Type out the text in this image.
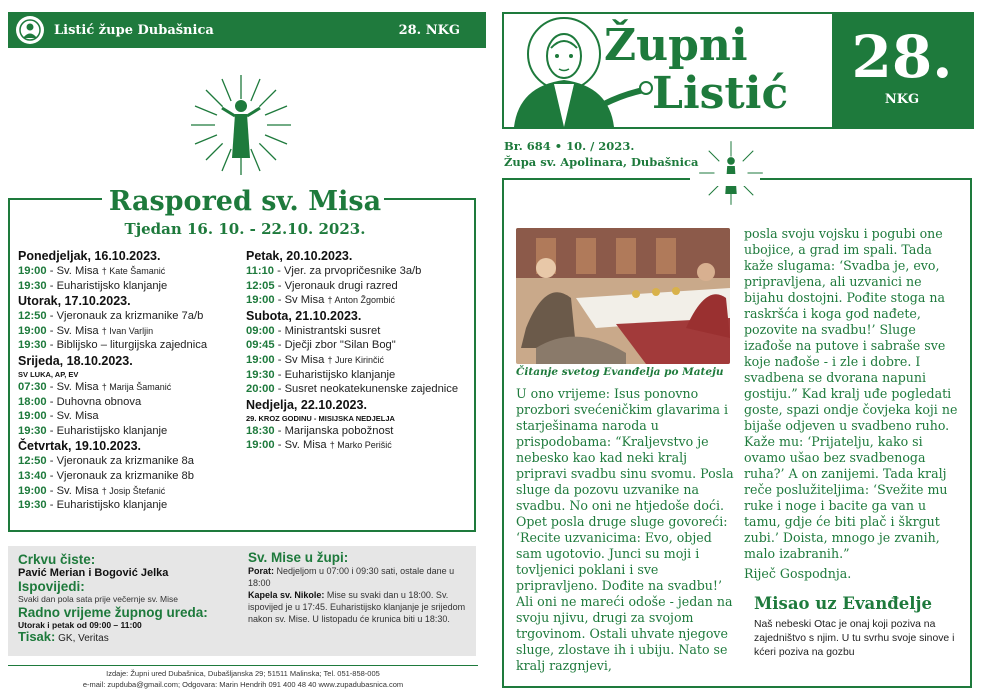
Listić župe Dubašnica	28. NKG
Raspored sv. Misa
Tjedan 16. 10. - 22.10. 2023.
Ponedjeljak, 16.10.2023.
19:00 - Sv. Misa † Kate Šamanić
19:30 - Euharistijsko klanjanje
Utorak, 17.10.2023.
12:50 - Vjeronauk za krizmanike 7a/b
19:00 - Sv. Misa † Ivan Varljin
19:30 - Biblijsko – liturgijska zajednica
Srijeda, 18.10.2023.
SV LUKA, AP, EV
07:30 - Sv. Misa † Marija Šamanić
18:00 - Duhovna obnova
19:00 - Sv. Misa
19:30 - Euharistijsko klanjanje
Četvrtak, 19.10.2023.
12:50 - Vjeronauk za krizmanike 8a
13:40 - Vjeronauk za krizmanike 8b
19:00 - Sv. Misa † Josip Štefanić
19:30 - Euharistijsko klanjanje
Petak, 20.10.2023.
11:10 - Vjer. za prvopričesnike 3a/b
12:05 - Vjeronauk drugi razred
19:00 - Sv Misa † Anton Žgombić
Subota, 21.10.2023.
09:00 - Ministrantski susret
09:45 - Dječji zbor "Silan Bog"
19:00 - Sv Misa † Jure Kirinčić
19:30 - Euharistijsko klanjanje
20:00 - Susret neokatekunenske zajednice
Nedjelja, 22.10.2023.
29. KROZ GODINU - MISIJSKA NEDJELJA
18:30 - Marijanska pobožnost
19:00 - Sv. Misa † Marko Perišić
Crkvu čiste:
Pavić Merian i Bogović Jelka
Ispovijedi:
Svaki dan pola sata prije večernje sv. Mise
Radno vrijeme župnog ureda:
Utorak i petak od 09:00 – 11:00
Tisak: GK, Veritas
Sv. Mise u župi:
Porat: Nedjeljom u 07:00 i 09:30 sati, ostale dane u 18:00
Kapela sv. Nikole: Mise su svaki dan u 18:00. Sv. ispovijed je u 17:45. Euharistijsko klanjanje je srijedom nakon sv. Mise. U listopadu će krunica biti u 18:30.
Izdaje: Župni ured Dubašnica, Dubašljanska 29; 51511 Malinska; Tel. 051-858-005
e-mail: zupduba@gmail.com; Odgovara: Marin Hendrih 091 400 48 40 www.zupadubasnica.com
Župni
Listić
28.
NKG
Br. 684 • 10. / 2023.
Župa sv. Apolinara, Dubašnica
Čitanje svetog Evanđelja po Mateju
U ono vrijeme: Isus ponovno prozbori svećeničkim glavarima i starješinama naroda u prispodobama: “Kraljevstvo je nebesko kao kad neki kralj pripravi svadbu sinu svomu. Posla sluge da pozovu uzvanike na svadbu. No oni ne htjedoše doći. Opet posla druge sluge govoreći: ‘Recite uzvanicima: Evo, objed sam ugotovio. Junci su moji i tovljenici poklani i sve pripravljeno. Dođite na svadbu!’ Ali oni ne mareći odoše - jedan na svoju njivu, drugi za svojom trgovinom. Ostali uhvate njegove sluge, zlostave ih i ubiju. Nato se kralj razgnjevi,
posla svoju vojsku i pogubi one ubojice, a grad im spali. Tada kaže slugama: ‘Svadba je, evo, pripravljena, ali uzvanici ne bijahu dostojni. Pođite stoga na raskršća i koga god nađete, pozovite na svadbu!’ Sluge izađoše na putove i sabraše sve koje nađoše - i zle i dobre. I svadbena se dvorana napuni gostiju.” Kad kralj uđe pogledati goste, spazi ondje čovjeka koji ne bijaše odjeven u svadbeno ruho. Kaže mu: ‘Prijatelju, kako si ovamo ušao bez svadbenoga ruha?’ A on zanijemi. Tada kralj reče poslužiteljima: ‘Svežite mu ruke i noge i bacite ga van u tamu, gdje će biti plač i škrgut zubi.’ Doista, mnogo je zvanih, malo izabranih.”
Riječ Gospodnja.
Misao uz Evanđelje
Naš nebeski Otac je onaj koji poziva na zajedništvo s njim. U tu svrhu svoje sinove i kćeri poziva na gozbu
